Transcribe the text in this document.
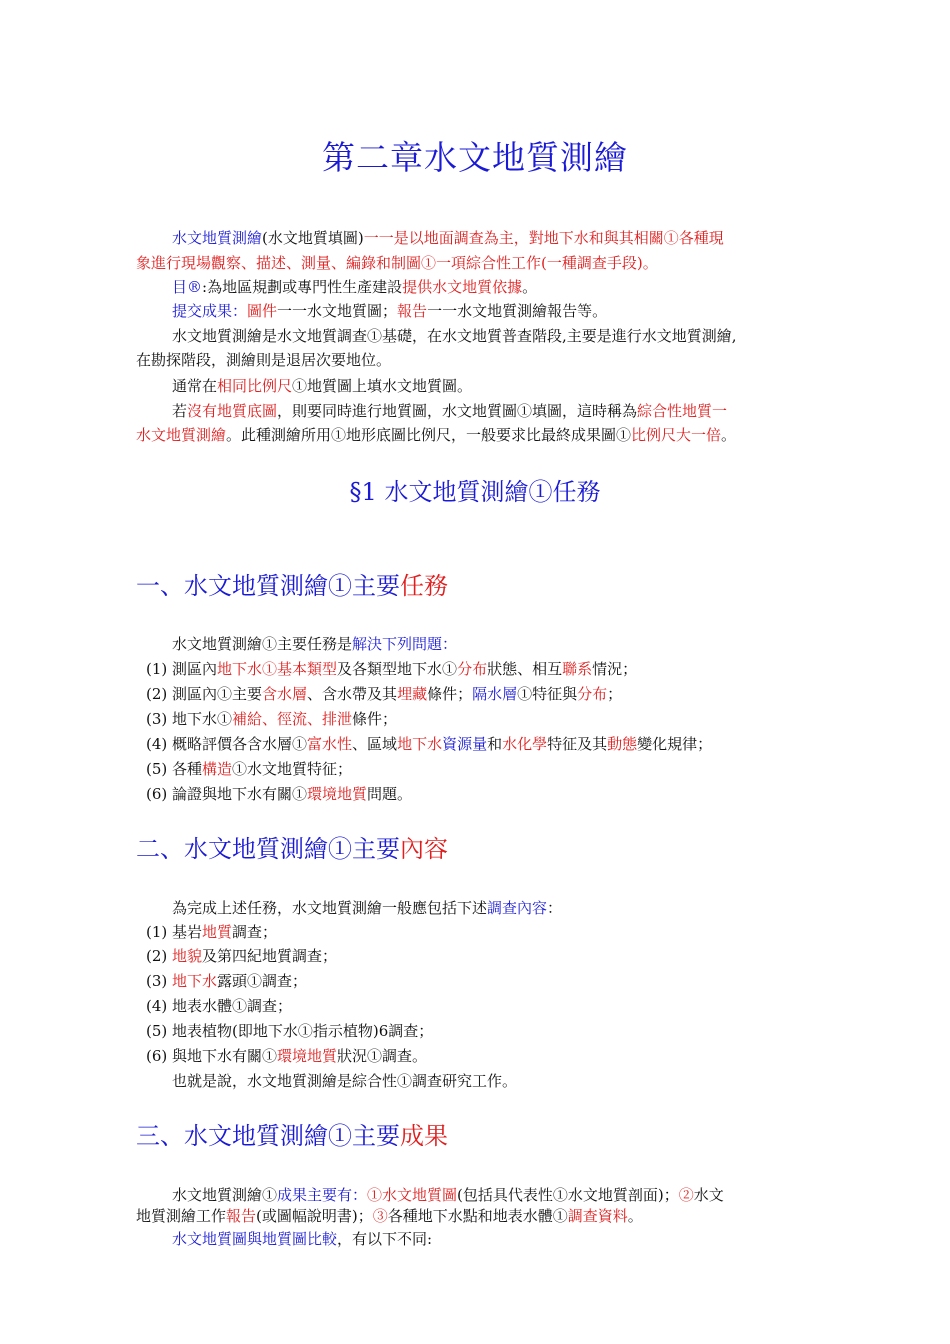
第二章水文地質測繪
水文地質測繪(水文地質填圖)一一是以地面調查為主，對地下水和與其相關①各種現
象進行現場觀察、描述、測量、編錄和制圖①一項綜合性工作(一種調查手段)。
目®:為地區規劃或專門性生產建設提供水文地質依據。
提交成果：圖件一一水文地質圖；報告一一水文地質測繪報告等。
水文地質測繪是水文地質調查①基礎，在水文地質普查階段,主要是進行水文地質測繪,
在勘探階段，測繪則是退居次要地位。
通常在相同比例尺①地質圖上填水文地質圖。
若沒有地質底圖，則要同時進行地質圖，水文地質圖①填圖，這時稱為綜合性地質一
水文地質測繪。此種測繪所用①地形底圖比例尺，一般要求比最終成果圖①比例尺大一倍。
§1 水文地質測繪①任務
一、水文地質測繪①主要任務
水文地質測繪①主要任務是解決下列問題：
(1) 測區內地下水①基本類型及各類型地下水①分布狀態、相互聯系情況；
(2) 測區內①主要含水層、含水帶及其埋藏條件；隔水層①特征與分布；
(3) 地下水①補給、徑流、排泄條件；
(4) 概略評價各含水層①富水性、區域地下水資源量和水化學特征及其動態變化規律；
(5) 各種構造①水文地質特征；
(6) 論證與地下水有關①環境地質問題。
二、水文地質測繪①主要內容
為完成上述任務，水文地質測繪一般應包括下述調查內容：
(1) 基岩地質調查；
(2) 地貌及第四紀地質調查；
(3) 地下水露頭①調查；
(4) 地表水體①調查；
(5) 地表植物(即地下水①指示植物)6調查；
(6) 與地下水有關①環境地質狀況①調查。
也就是說，水文地質測繪是綜合性①調查研究工作。
三、水文地質測繪①主要成果
水文地質測繪①成果主要有：①水文地質圖(包括具代表性①水文地質剖面)；②水文
地質測繪工作報告(或圖幅說明書)；③各種地下水點和地表水體①調查資料。
水文地質圖與地質圖比較，有以下不同:
